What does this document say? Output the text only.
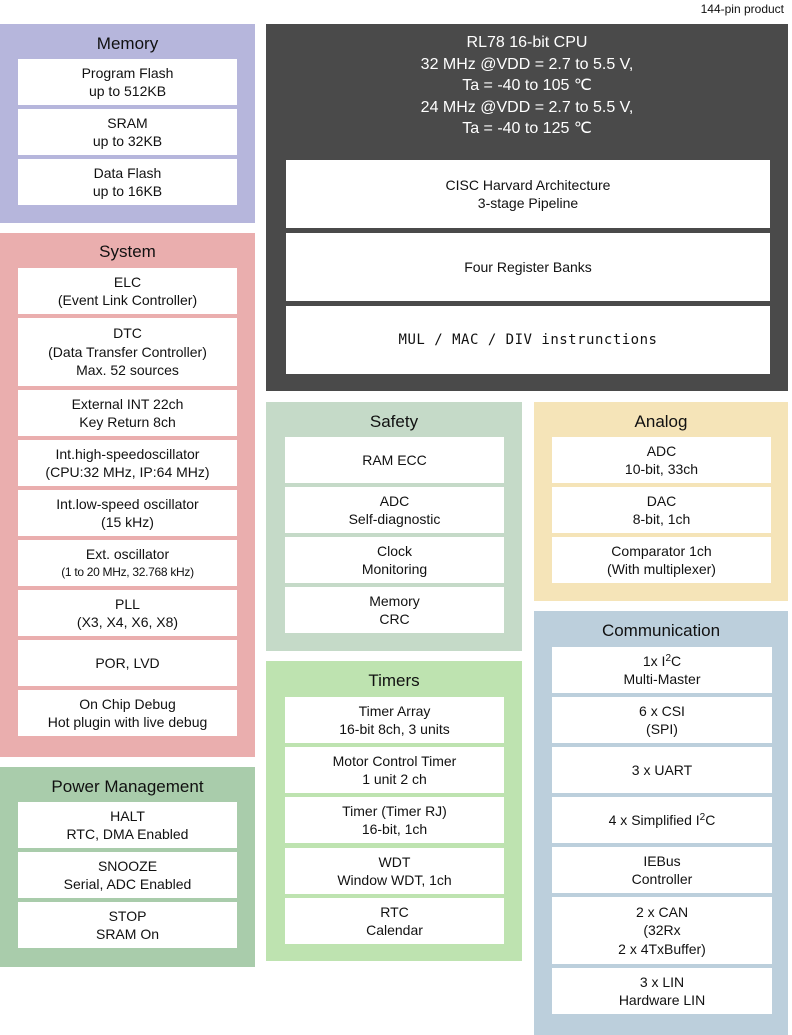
144-pin product
Memory
Program Flash
up to 512KB
SRAM
up to 32KB
Data Flash
up to 16KB
System
ELC
(Event Link Controller)
DTC
(Data Transfer Controller)
Max. 52 sources
External INT 22ch
Key Return 8ch
Int.high-speedoscillator
(CPU:32 MHz, IP:64 MHz)
Int.low-speed oscillator
(15 kHz)
Ext. oscillator
(1 to 20 MHz, 32.768 kHz)
PLL
(X3, X4, X6, X8)
POR, LVD
On Chip Debug
Hot plugin with live debug
Power Management
HALT
RTC, DMA Enabled
SNOOZE
Serial, ADC Enabled
STOP
SRAM On
RL78 16-bit CPU
32 MHz @VDD = 2.7 to 5.5 V,
Ta = -40 to 105 ℃
24 MHz @VDD = 2.7 to 5.5 V,
Ta = -40 to 125 ℃
CISC Harvard Architecture
3-stage Pipeline
Four Register Banks
MUL / MAC / DIV instrunctions
Safety
RAM ECC
ADC
Self-diagnostic
Clock
Monitoring
Memory
CRC
Analog
ADC
10-bit, 33ch
DAC
8-bit, 1ch
Comparator 1ch
(With multiplexer)
Timers
Timer Array
16-bit 8ch, 3 units
Motor Control Timer
1 unit 2 ch
Timer (Timer RJ)
16-bit, 1ch
WDT
Window WDT, 1ch
RTC
Calendar
Communication
1x $I^2C$
Multi-Master
6 x CSI
(SPI)
3 x UART
4 x Simplified $I^2C$
IEBus
Controller
2 x CAN
(32Rx
2 x 4TxBuffer)
3 x LIN
Hardware LIN
